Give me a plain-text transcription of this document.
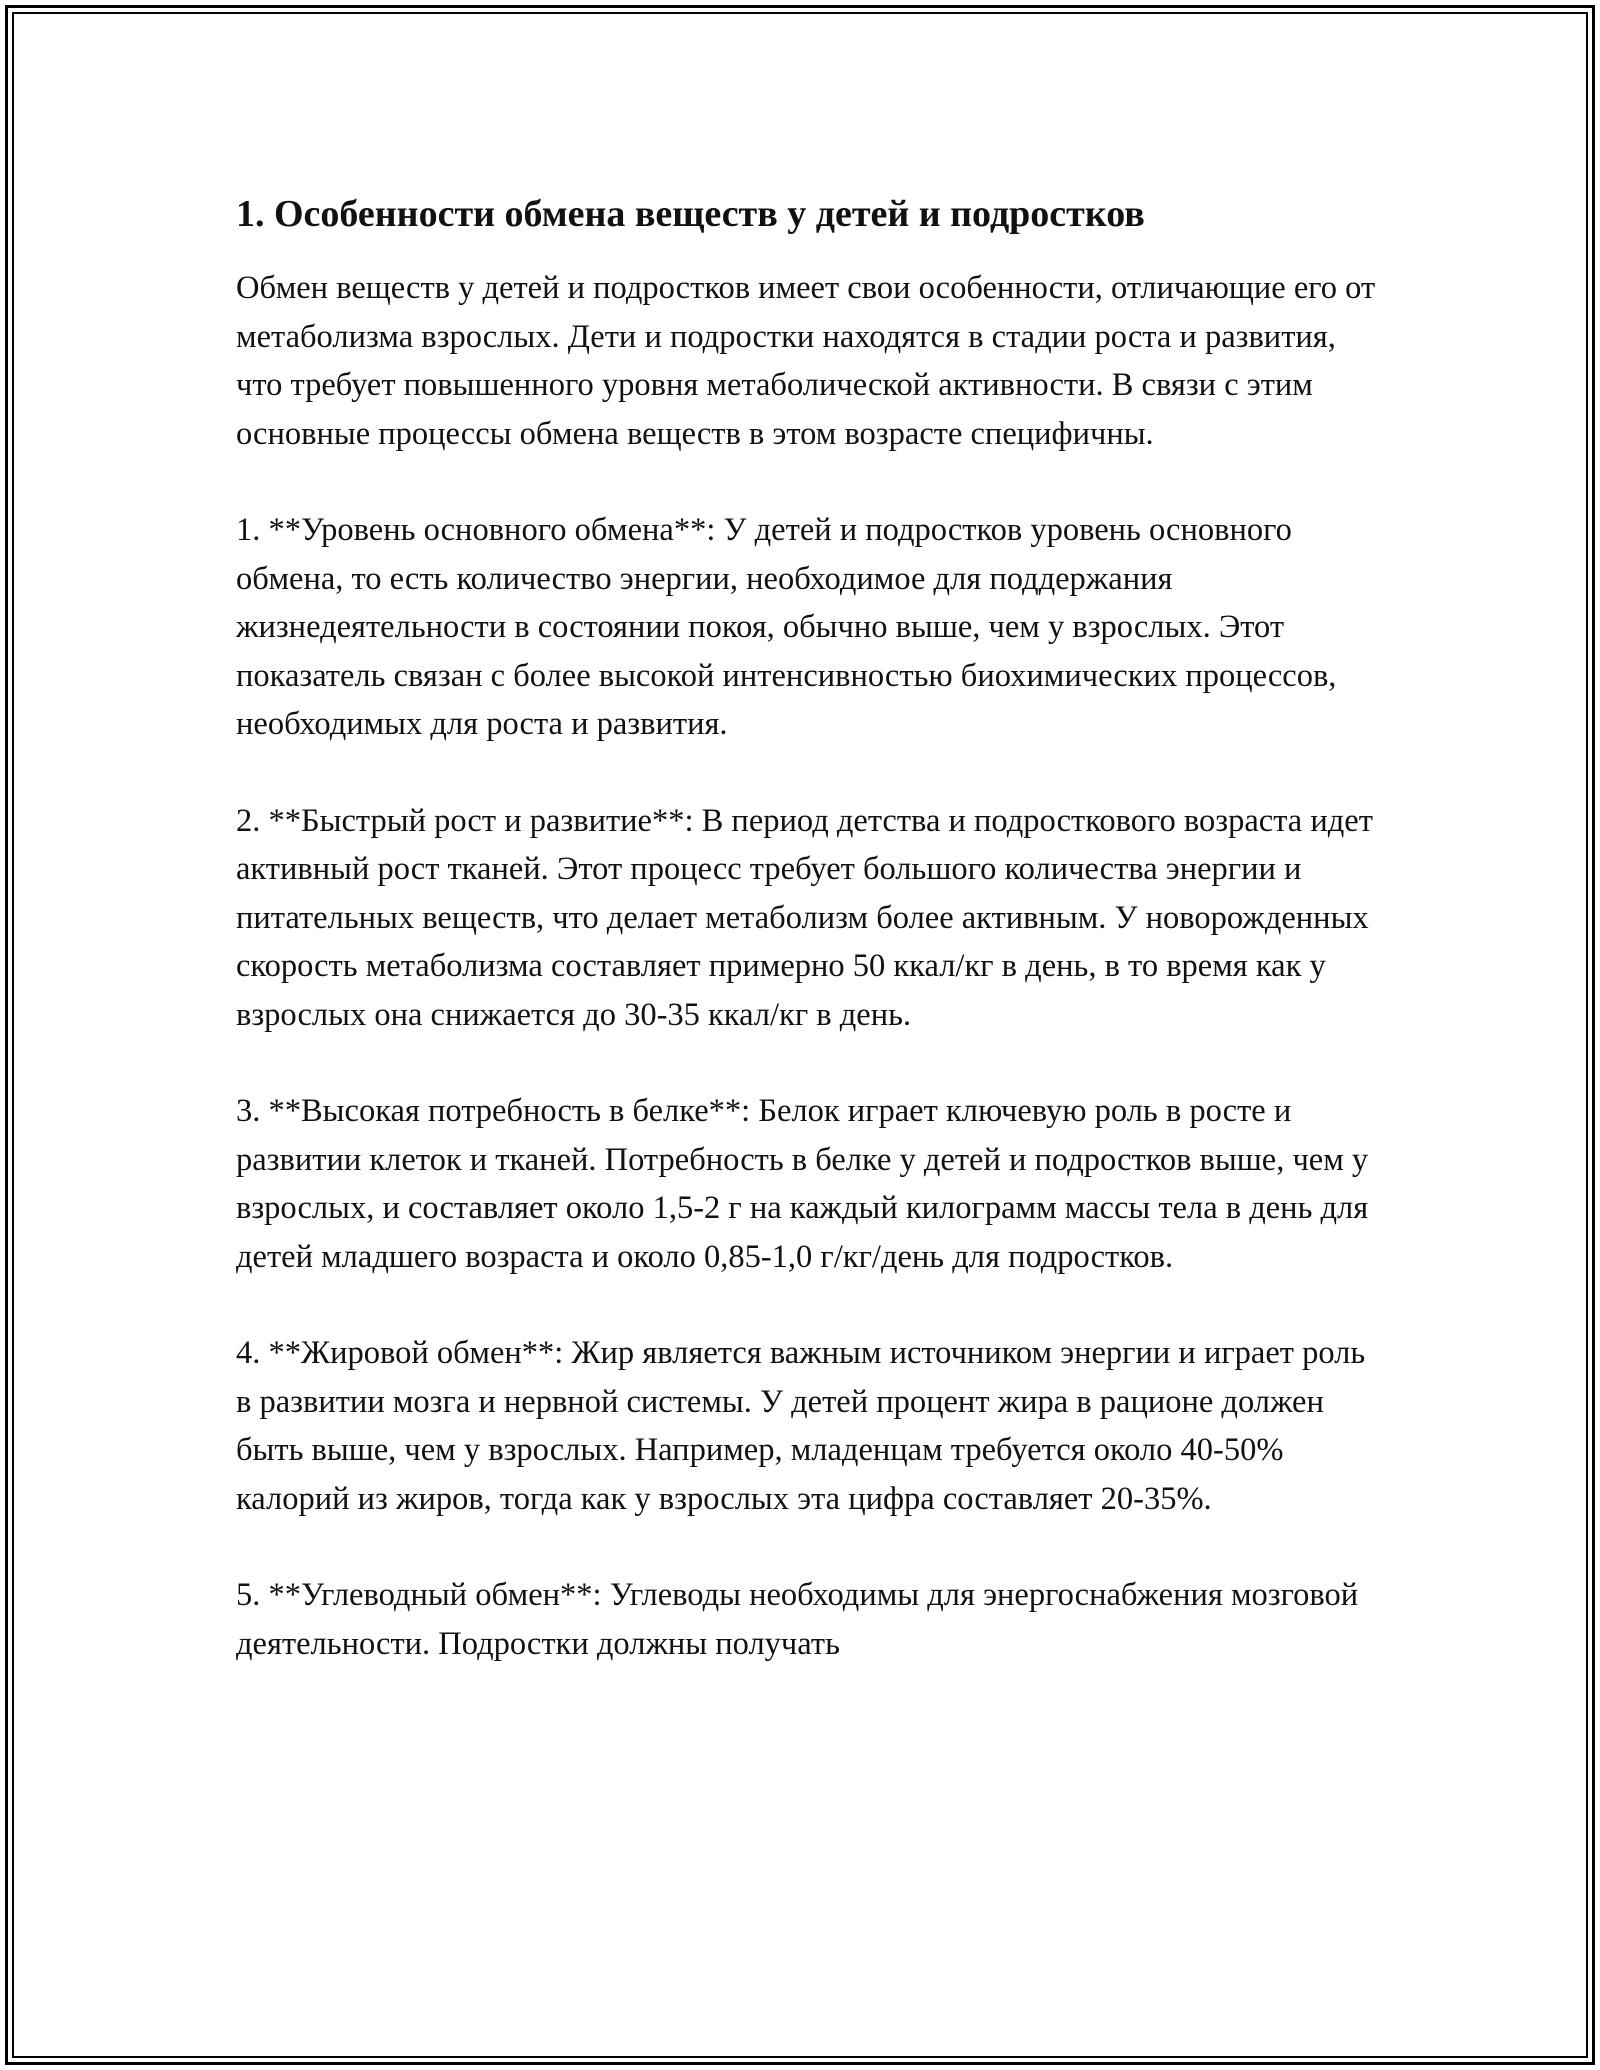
1. Особенности обмена веществ у детей и подростков

Обмен веществ у детей и подростков имеет свои особенности, отличающие его от метаболизма взрослых. Дети и подростки находятся в стадии роста и развития, что требует повышенного уровня метаболической активности. В связи с этим основные процессы обмена веществ в этом возрасте специфичны.

1. **Уровень основного обмена**: У детей и подростков уровень основного обмена, то есть количество энергии, необходимое для поддержания жизнедеятельности в состоянии покоя, обычно выше, чем у взрослых. Этот показатель связан с более высокой интенсивностью биохимических процессов, необходимых для роста и развития.

2. **Быстрый рост и развитие**: В период детства и подросткового возраста идет активный рост тканей. Этот процесс требует большого количества энергии и питательных веществ, что делает метаболизм более активным. У новорожденных скорость метаболизма составляет примерно 50 ккал/кг в день, в то время как у взрослых она снижается до 30-35 ккал/кг в день.

3. **Высокая потребность в белке**: Белок играет ключевую роль в росте и развитии клеток и тканей. Потребность в белке у детей и подростков выше, чем у взрослых, и составляет около 1,5-2 г на каждый килограмм массы тела в день для детей младшего возраста и около 0,85-1,0 г/кг/день для подростков.

4. **Жировой обмен**: Жир является важным источником энергии и играет роль в развитии мозга и нервной системы. У детей процент жира в рационе должен быть выше, чем у взрослых. Например, младенцам требуется около 40-50% калорий из жиров, тогда как у взрослых эта цифра составляет 20-35%.

5. **Углеводный обмен**: Углеводы необходимы для энергоснабжения мозговой деятельности. Подростки должны получать
